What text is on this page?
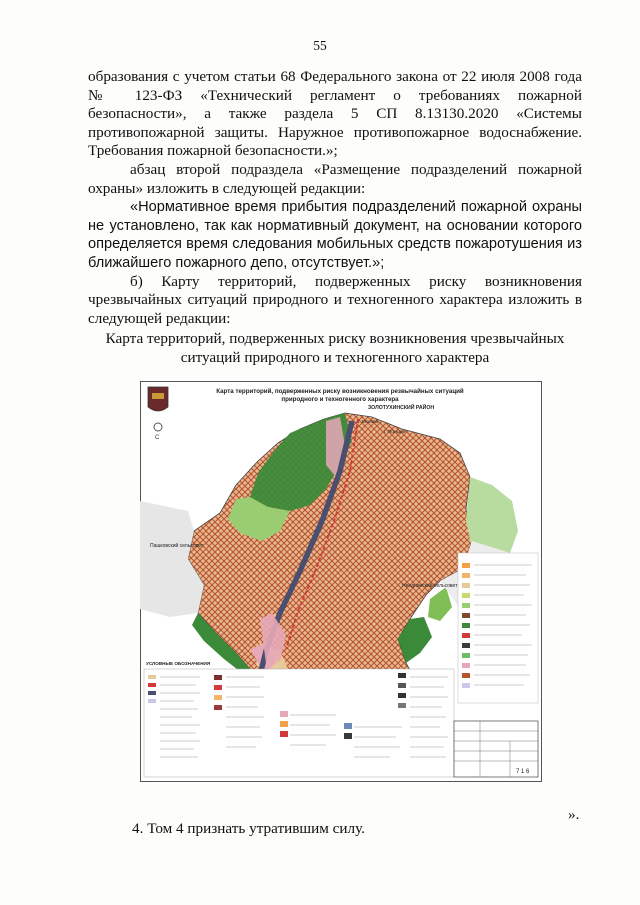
55

образования с учетом статьи 68 Федерального закона от 22 июля 2008 года № 123-ФЗ «Технический регламент о требованиях пожарной безопасности», а также раздела 5 СП 8.13130.2020 «Системы противопожарной защиты. Наружное противопожарное водоснабжение. Требования пожарной безопасности.»;

абзац второй подраздела «Размещение подразделений пожарной охраны» изложить в следующей редакции:

«Нормативное время прибытия подразделений пожарной охраны не установлено, так как нормативный документ, на основании которого определяется время следования мобильных средств пожаротушения из ближайшего пожарного депо, отсутствует.»;

б) Карту территорий, подверженных риску возникновения чрезвычайных ситуаций природного и техногенного характера изложить в следующей редакции:

Карта территорий, подверженных риску возникновения чрезвычайных ситуаций природного и техногенного характера
С
Карта территорий, подверженных риску возникновения резвычайных ситуаций
природного и техногенного характера
ЗОЛОТУХИНСКИЙ РАЙОН
г. Москва
г. Поныри
Пашковский сельсовет
Неоднинский сельсовет
УСЛОВНЫЕ ОБОЗНАЧЕНИЯ
7 1 6
».
4. Том 4 признать утратившим силу.
